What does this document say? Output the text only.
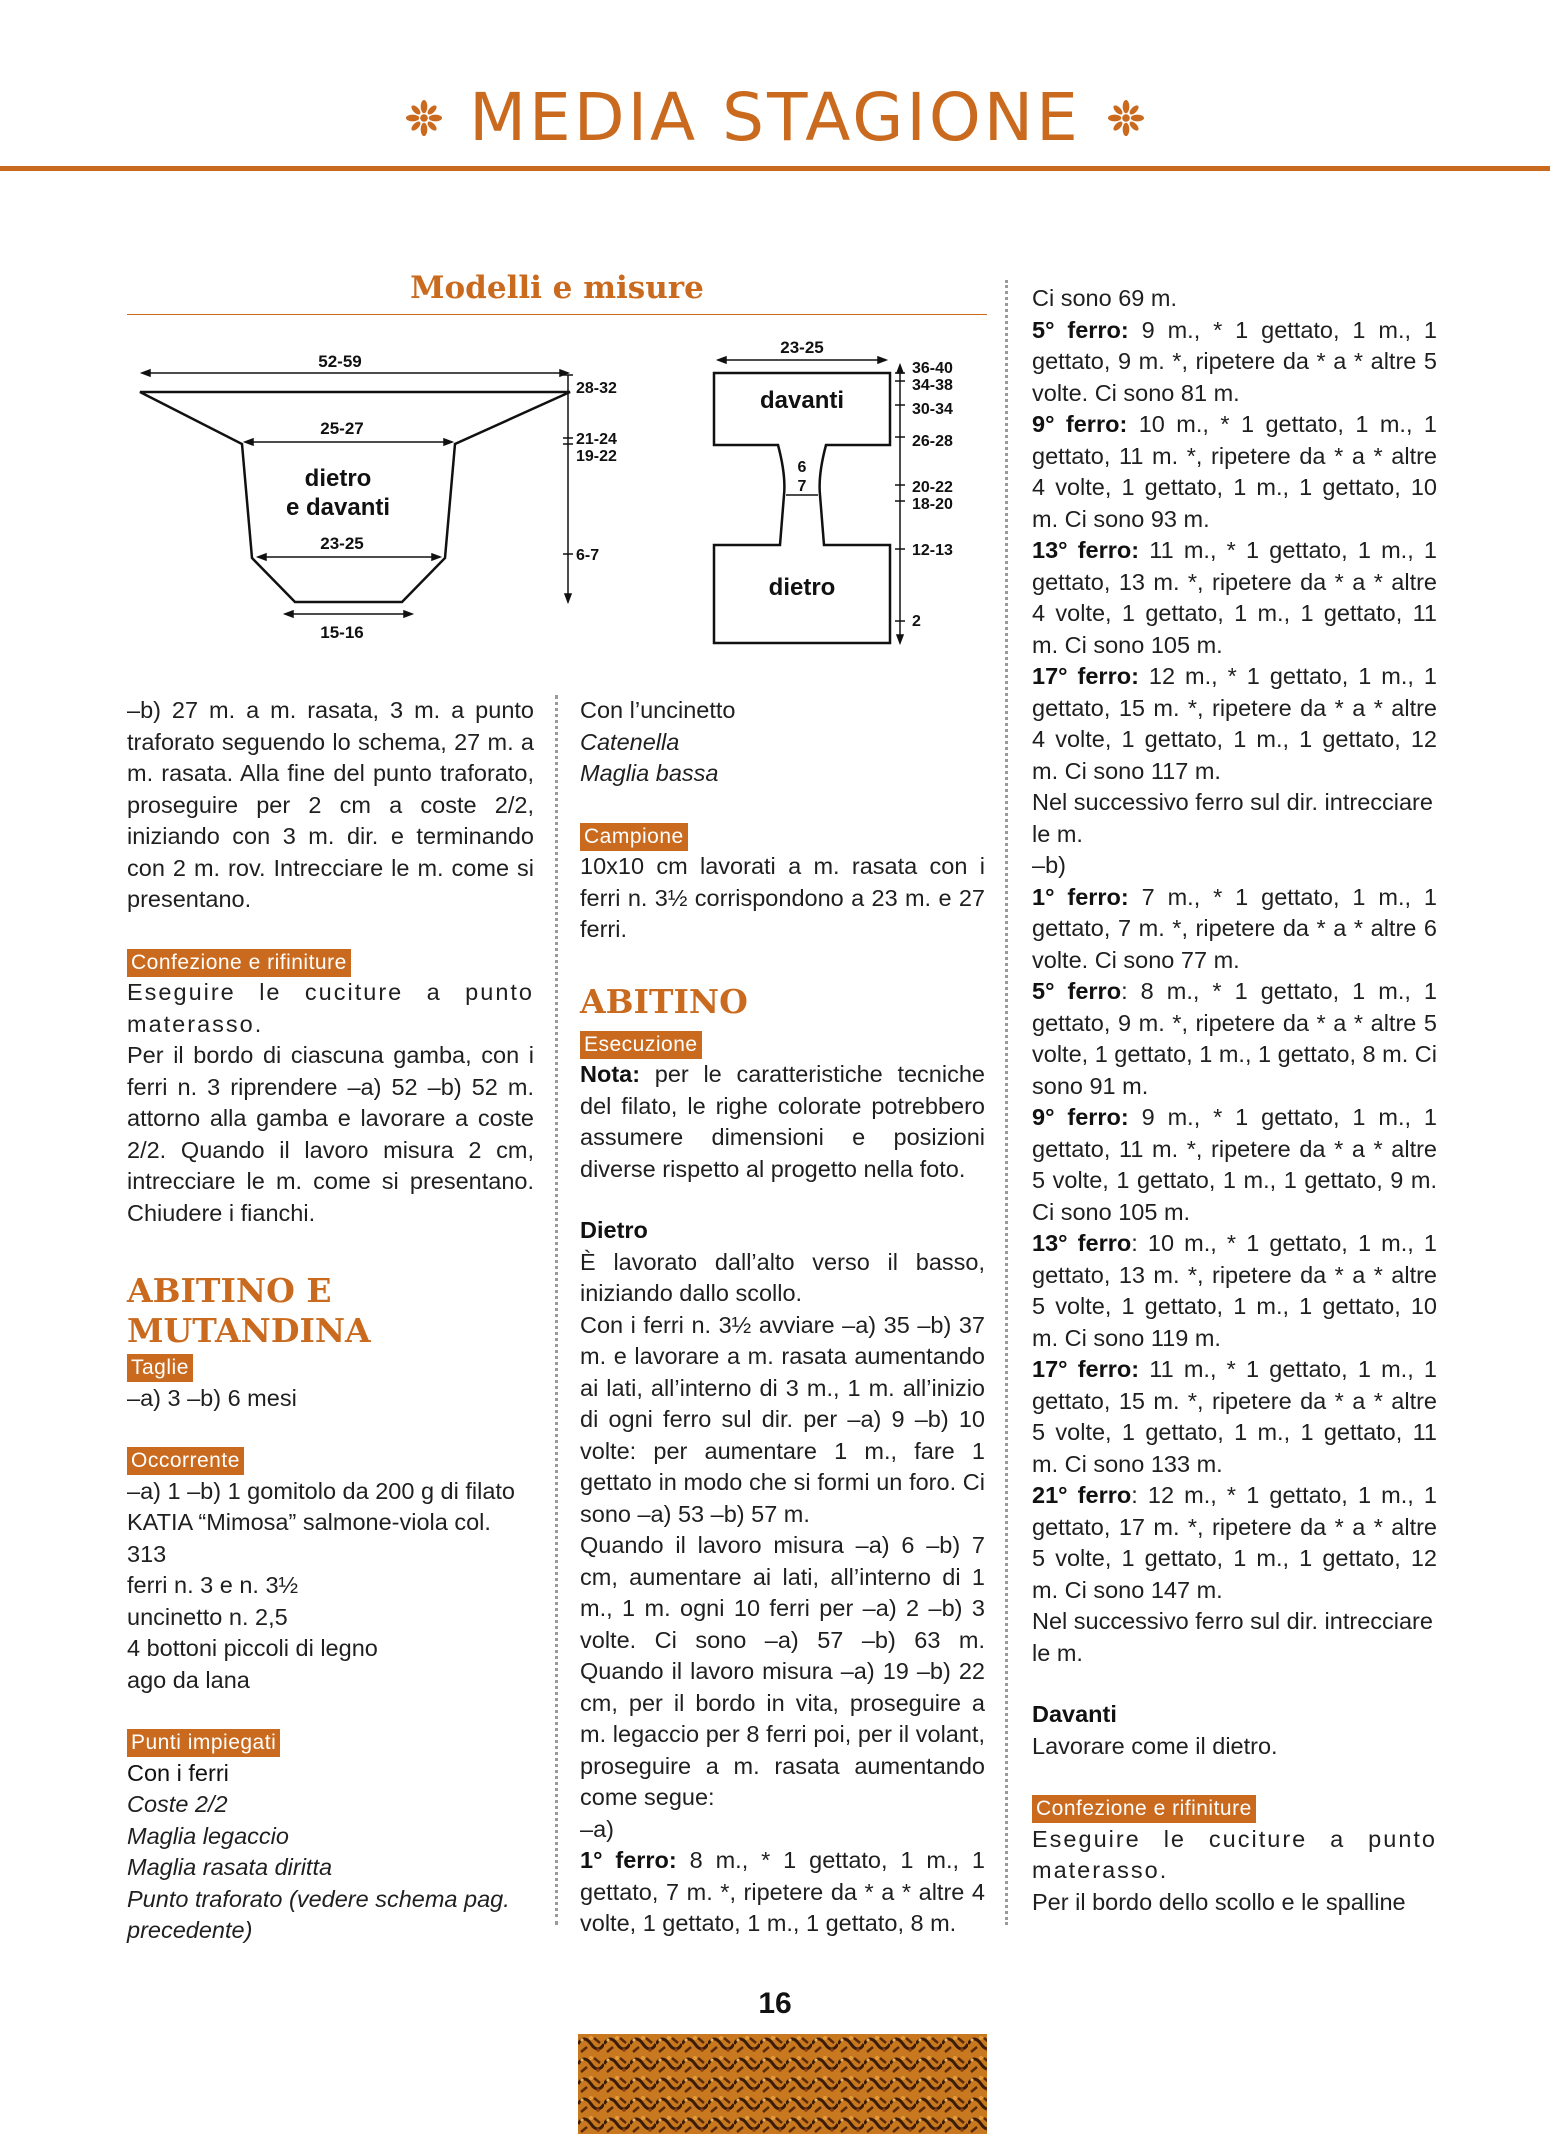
MEDIA STAGIONE
Modelli e misure
52-59
25-27
23-25
15-16
dietro
e davanti
28-32
21-24
19-22
6-7
23-25
davanti
dietro
6
7
36-40
34-38
30-34
26-28
20-22
18-20
12-13
2

–b) 27 m. a m. rasata, 3 m. a punto traforato seguendo lo schema, 27 m. a m. rasata. Alla fine del punto traforato, proseguire per 2 cm a coste 2/2, iniziando con 3 m. dir. e terminando con 2 m. rov. Intrecciare le m. come si presentano.

Confezione e rifiniture

Eseguire le cuciture a punto materasso.

Per il bordo di ciascuna gamba, con i ferri n. 3 riprendere –a) 52 –b) 52 m. attorno alla gamba e lavorare a coste 2/2. Quando il lavoro misura 2 cm, intrecciare le m. come si presentano. Chiudere i fianchi.

ABITINO E MUTANDINA

Taglie

–a) 3 –b) 6 mesi

Occorrente

–a) 1 –b) 1 gomitolo da 200 g di filato KATIA “Mimosa” salmone-viola col. 313

ferri n. 3 e n. 3½

uncinetto n. 2,5

4 bottoni piccoli di legno

ago da lana

Punti impiegati

Con i ferri

Coste 2/2

Maglia legaccio

Maglia rasata diritta

Punto traforato (vedere schema pag. precedente)

Con l’uncinetto

Catenella

Maglia bassa

Campione

10x10 cm lavorati a m. rasata con i ferri n. 3½ corrispondono a 23 m. e 27 ferri.

ABITINO

Esecuzione

Nota: per le caratteristiche tecniche del filato, le righe colorate potrebbero assumere dimensioni e posizioni diverse rispetto al progetto nella foto.

Dietro

È lavorato dall’alto verso il basso, iniziando dallo scollo.

Con i ferri n. 3½ avviare –a) 35 –b) 37 m. e lavorare a m. rasata aumentando ai lati, all’interno di 3 m., 1 m. all’inizio di ogni ferro sul dir. per –a) 9 –b) 10 volte: per aumentare 1 m., fare 1 gettato in modo che si formi un foro. Ci sono –a) 53 –b) 57 m.

Quando il lavoro misura –a) 6 –b) 7 cm, aumentare ai lati, all’interno di 1 m., 1 m. ogni 10 ferri per –a) 2 –b) 3 volte. Ci sono –a) 57 –b) 63 m. Quando il lavoro misura –a) 19 –b) 22 cm, per il bordo in vita, proseguire a m. legaccio per 8 ferri poi, per il volant, proseguire a m. rasata aumentando come segue:

–a)

1° ferro: 8 m., * 1 gettato, 1 m., 1 gettato, 7 m. *, ripetere da * a * altre 4 volte, 1 gettato, 1 m., 1 gettato, 8 m.

Ci sono 69 m.

5° ferro: 9 m., * 1 gettato, 1 m., 1 gettato, 9 m. *, ripetere da * a * altre 5 volte. Ci sono 81 m.

9° ferro: 10 m., * 1 gettato, 1 m., 1 gettato, 11 m. *, ripetere da * a * altre 4 volte, 1 gettato, 1 m., 1 gettato, 10 m. Ci sono 93 m.

13° ferro: 11 m., * 1 gettato, 1 m., 1 gettato, 13 m. *, ripetere da * a * altre 4 volte, 1 gettato, 1 m., 1 gettato, 11 m. Ci sono 105 m.

17° ferro: 12 m., * 1 gettato, 1 m., 1 gettato, 15 m. *, ripetere da * a * altre 4 volte, 1 gettato, 1 m., 1 gettato, 12 m. Ci sono 117 m.

Nel successivo ferro sul dir. intrecciare le m.

–b)

1° ferro: 7 m., * 1 gettato, 1 m., 1 gettato, 7 m. *, ripetere da * a * altre 6 volte. Ci sono 77 m.

5° ferro: 8 m., * 1 gettato, 1 m., 1 gettato, 9 m. *, ripetere da * a * altre 5 volte, 1 gettato, 1 m., 1 gettato, 8 m. Ci sono 91 m.

9° ferro: 9 m., * 1 gettato, 1 m., 1 gettato, 11 m. *, ripetere da * a * altre 5 volte, 1 gettato, 1 m., 1 gettato, 9 m. Ci sono 105 m.

13° ferro: 10 m., * 1 gettato, 1 m., 1 gettato, 13 m. *, ripetere da * a * altre 5 volte, 1 gettato, 1 m., 1 gettato, 10 m. Ci sono 119 m.

17° ferro: 11 m., * 1 gettato, 1 m., 1 gettato, 15 m. *, ripetere da * a * altre 5 volte, 1 gettato, 1 m., 1 gettato, 11 m. Ci sono 133 m.

21° ferro: 12 m., * 1 gettato, 1 m., 1 gettato, 17 m. *, ripetere da * a * altre 5 volte, 1 gettato, 1 m., 1 gettato, 12 m. Ci sono 147 m.

Nel successivo ferro sul dir. intrecciare le m.

Davanti

Lavorare come il dietro.

Confezione e rifiniture

Eseguire le cuciture a punto materasso.

Per il bordo dello scollo e le spalline

16
